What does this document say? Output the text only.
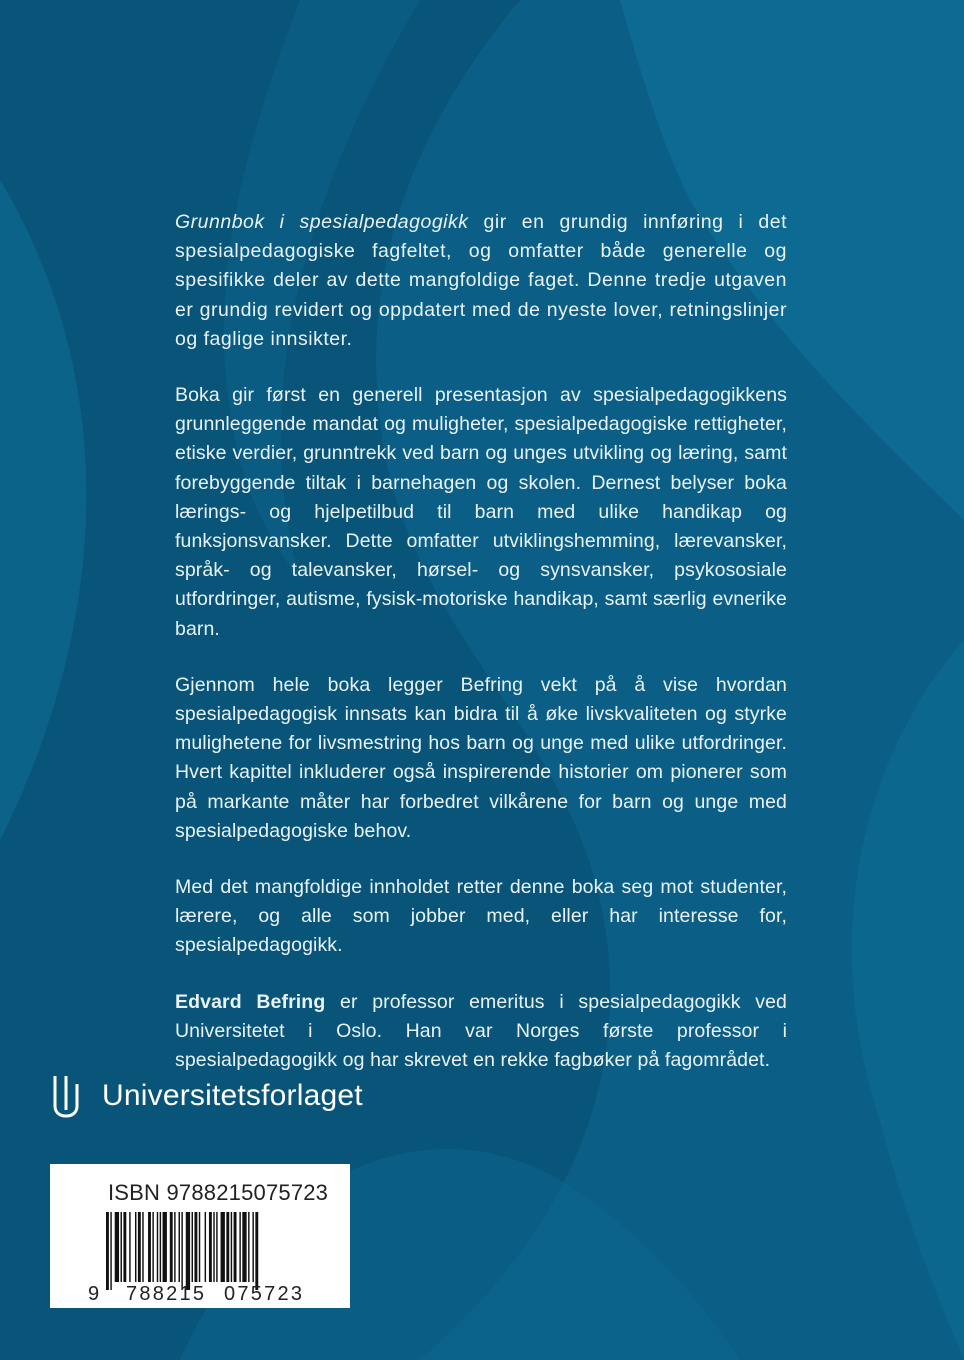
Grunnbok i spesialpedagogikk gir en grundig innføring i det spesialpedagogiske fagfeltet, og omfatter både generelle og spesifikke deler av dette mangfoldige faget. Denne tredje utgaven er grundig revidert og oppdatert med de nyeste lover, retningslinjer og faglige innsikter.

Boka gir først en generell presentasjon av spesialpedagogikkens grunnleggende mandat og muligheter, spesialpedagogiske rettigheter, etiske verdier, grunntrekk ved barn og unges utvikling og læring, samt forebyggende tiltak i barnehagen og skolen. Dernest belyser boka lærings- og hjelpetilbud til barn med ulike handikap og funksjonsvansker. Dette omfatter utviklingshemming, lærevansker, språk- og talevansker, hørsel- og synsvansker, psykososiale utfordringer, autisme, fysisk-motoriske handikap, samt særlig evnerike barn.

Gjennom hele boka legger Befring vekt på å vise hvordan spesialpedagogisk innsats kan bidra til å øke livskvaliteten og styrke mulighetene for livsmestring hos barn og unge med ulike utfordringer. Hvert kapittel inkluderer også inspirerende historier om pionerer som på markante måter har forbedret vilkårene for barn og unge med spesialpedagogiske behov.

Med det mangfoldige innholdet retter denne boka seg mot studenter, lærere, og alle som jobber med, eller har interesse for, spesialpedagogikk.

Edvard Befring er professor emeritus i spesialpedagogikk ved Universitetet i Oslo. Han var Norges første professor i spesialpedagogikk og har skrevet en rekke fagbøker på fagområdet.

Universitetsforlaget
ISBN 9788215075723
9 788215 075723
